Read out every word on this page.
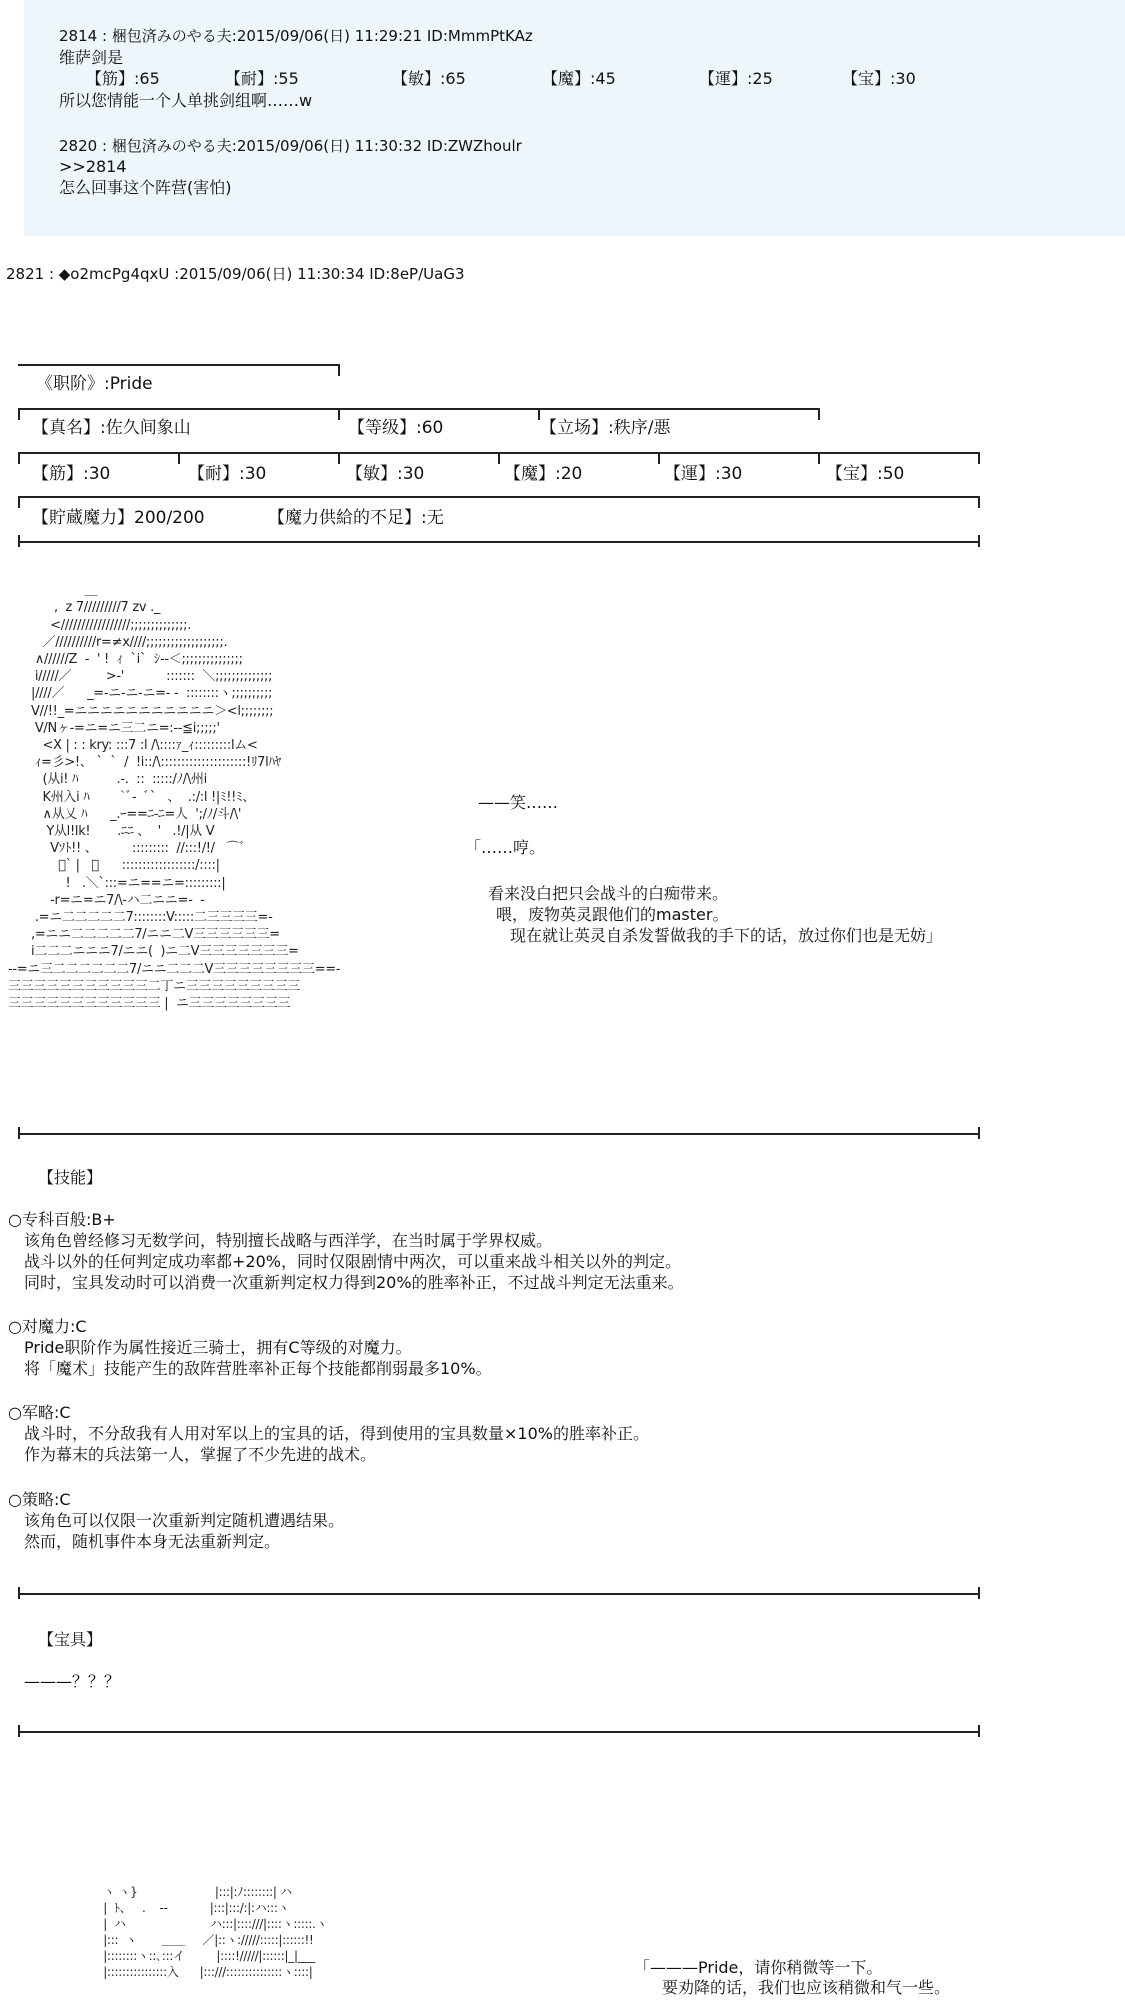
2814 : 梱包済みのやる夫:2015/09/06(日) 11:29:21 ID:MmmPtKAz
维萨剑是
【筋】:65	【耐】:55	【敏】:65	【魔】:45	【運】:25	【宝】:30
所以您情能一个人单挑剑组啊……w
2820 : 梱包済みのやる夫:2015/09/06(日) 11:30:32 ID:ZWZhoulr
>>2814
怎么回事这个阵营(害怕)
2821 : ◆o2mcPg4qxU :2015/09/06(日) 11:30:34 ID:8eP/UaG3
《职阶》:Pride
【真名】:佐久间象山	【等级】:60	【立场】:秩序/悪
【筋】:30	【耐】:30	【敏】:30	【魔】:20	【運】:30	【宝】:50
【貯蔵魔力】200/200	【魔力供給的不足】:无

＿
,  z 7/////////7 zv ._
</////////////////;;;;;;;;;;;;;;.
／//////////r=≠x////;;;;;;;;;;;;;;;;;;;.
∧//////Z  -  ' !  ｨ  `i`  ｼ-‐＜;;;;;;;;;;;;;;;
i/////／         >-'           :::::::  ＼;;;;;;;;;;;;;;
|////／      _=-ニ-ニ-ニ=- -  ::::::::ヽ;;;;;;;;;;
V//!!_=ニニニニニニニニニニニ＞<l;;;;;;;;
V/Nヶ-=ニ=ニ三二ニ=:-‐≦i;;;;;'
<X | : : kry: :::7 :l /\::::ｧ_ｨ:::::::::lム<
ｨ=彡>!、 `  `  /  !i::/\:::::::::::::::::::::!ﾘ7lﾊﾔ
(从i! ﾊ          .-.  ::  :::::/ﾉ/\州i
K州入i ﾊ        `ﾞ-  ﾞ`   、  .:/:l !|ﾐ!!ﾐ、
∧从乂 ﾊ      _.ｰ==ﾆ-ﾆ=人  ';/ﾉ/斗/\'
Y从l!lk!       .ﾆﾆ 、  '   .!/|从 V
Vｿﾄ!! 、         :::::::::  //:::!/!/   ⌒ﾞ
ﾞ` |   ､      ::::::::::::::::::/::::|
!   .＼`:::=ニ==ニ=:::::::::|
-r=ニ=ニ7/\-ハ二ニニ=-  -
.=ニ二二二二二7::::::::V:::::二三三三三=-
,=ニニ二二二二二7/ニニ二V三三三三三三=
i二二二ニニニ7/ニニ(  )ニ二V三三三三三三三=
--=ニ三二二二二二二7/ニニ二二二V三三三三三三三三==-
三三三三三三三三三三三二丁ニ三三三三三三三三三
三三三三三三三三三三三三 |  ニ三三三三三三三三
——笑……
「……哼。
看来没白把只会战斗的白痴带来。
喂，废物英灵跟他们的master。
现在就让英灵自杀发誓做我的手下的话，放过你们也是无妨」
【技能】
○专科百般:B+
该角色曾经修习无数学问，特别擅长战略与西洋学，在当时属于学界权威。
战斗以外的任何判定成功率都+20%，同时仅限剧情中两次，可以重来战斗相关以外的判定。
同时，宝具发动时可以消费一次重新判定权力得到20%的胜率补正，不过战斗判定无法重来。
○对魔力:C
Pride职阶作为属性接近三骑士，拥有C等级的对魔力。
将「魔术」技能产生的敌阵营胜率补正每个技能都削弱最多10%。
○军略:C
战斗时，不分敌我有人用对军以上的宝具的话，得到使用的宝具数量×10%的胜率补正。
作为幕末的兵法第一人，掌握了不少先进的战术。
○策略:C
该角色可以仅限一次重新判定随机遭遇结果。
然而，随机事件本身无法重新判定。
【宝具】
———？？？
ヽ ヽ}                      |:::|:ﾉ::::::::| ハ
|  ﾄ、   .    --            |:::|:::/:|:ハ:::ヽ
|  ハ                        ハ:::|::::///|::::ヽ:::::.ヽ
|:::  ヽ       ＿＿     ／|::ヽ://///:::::|::::::!!
|::::::::ヽ::､:::イ         |::::!/////|::::::|_|___
|::::::::::::::::入      |:::///:::::::::::::::ヽ::::|	「———Pride，请你稍微等一下。
要劝降的话，我们也应该稍微和气一些。
